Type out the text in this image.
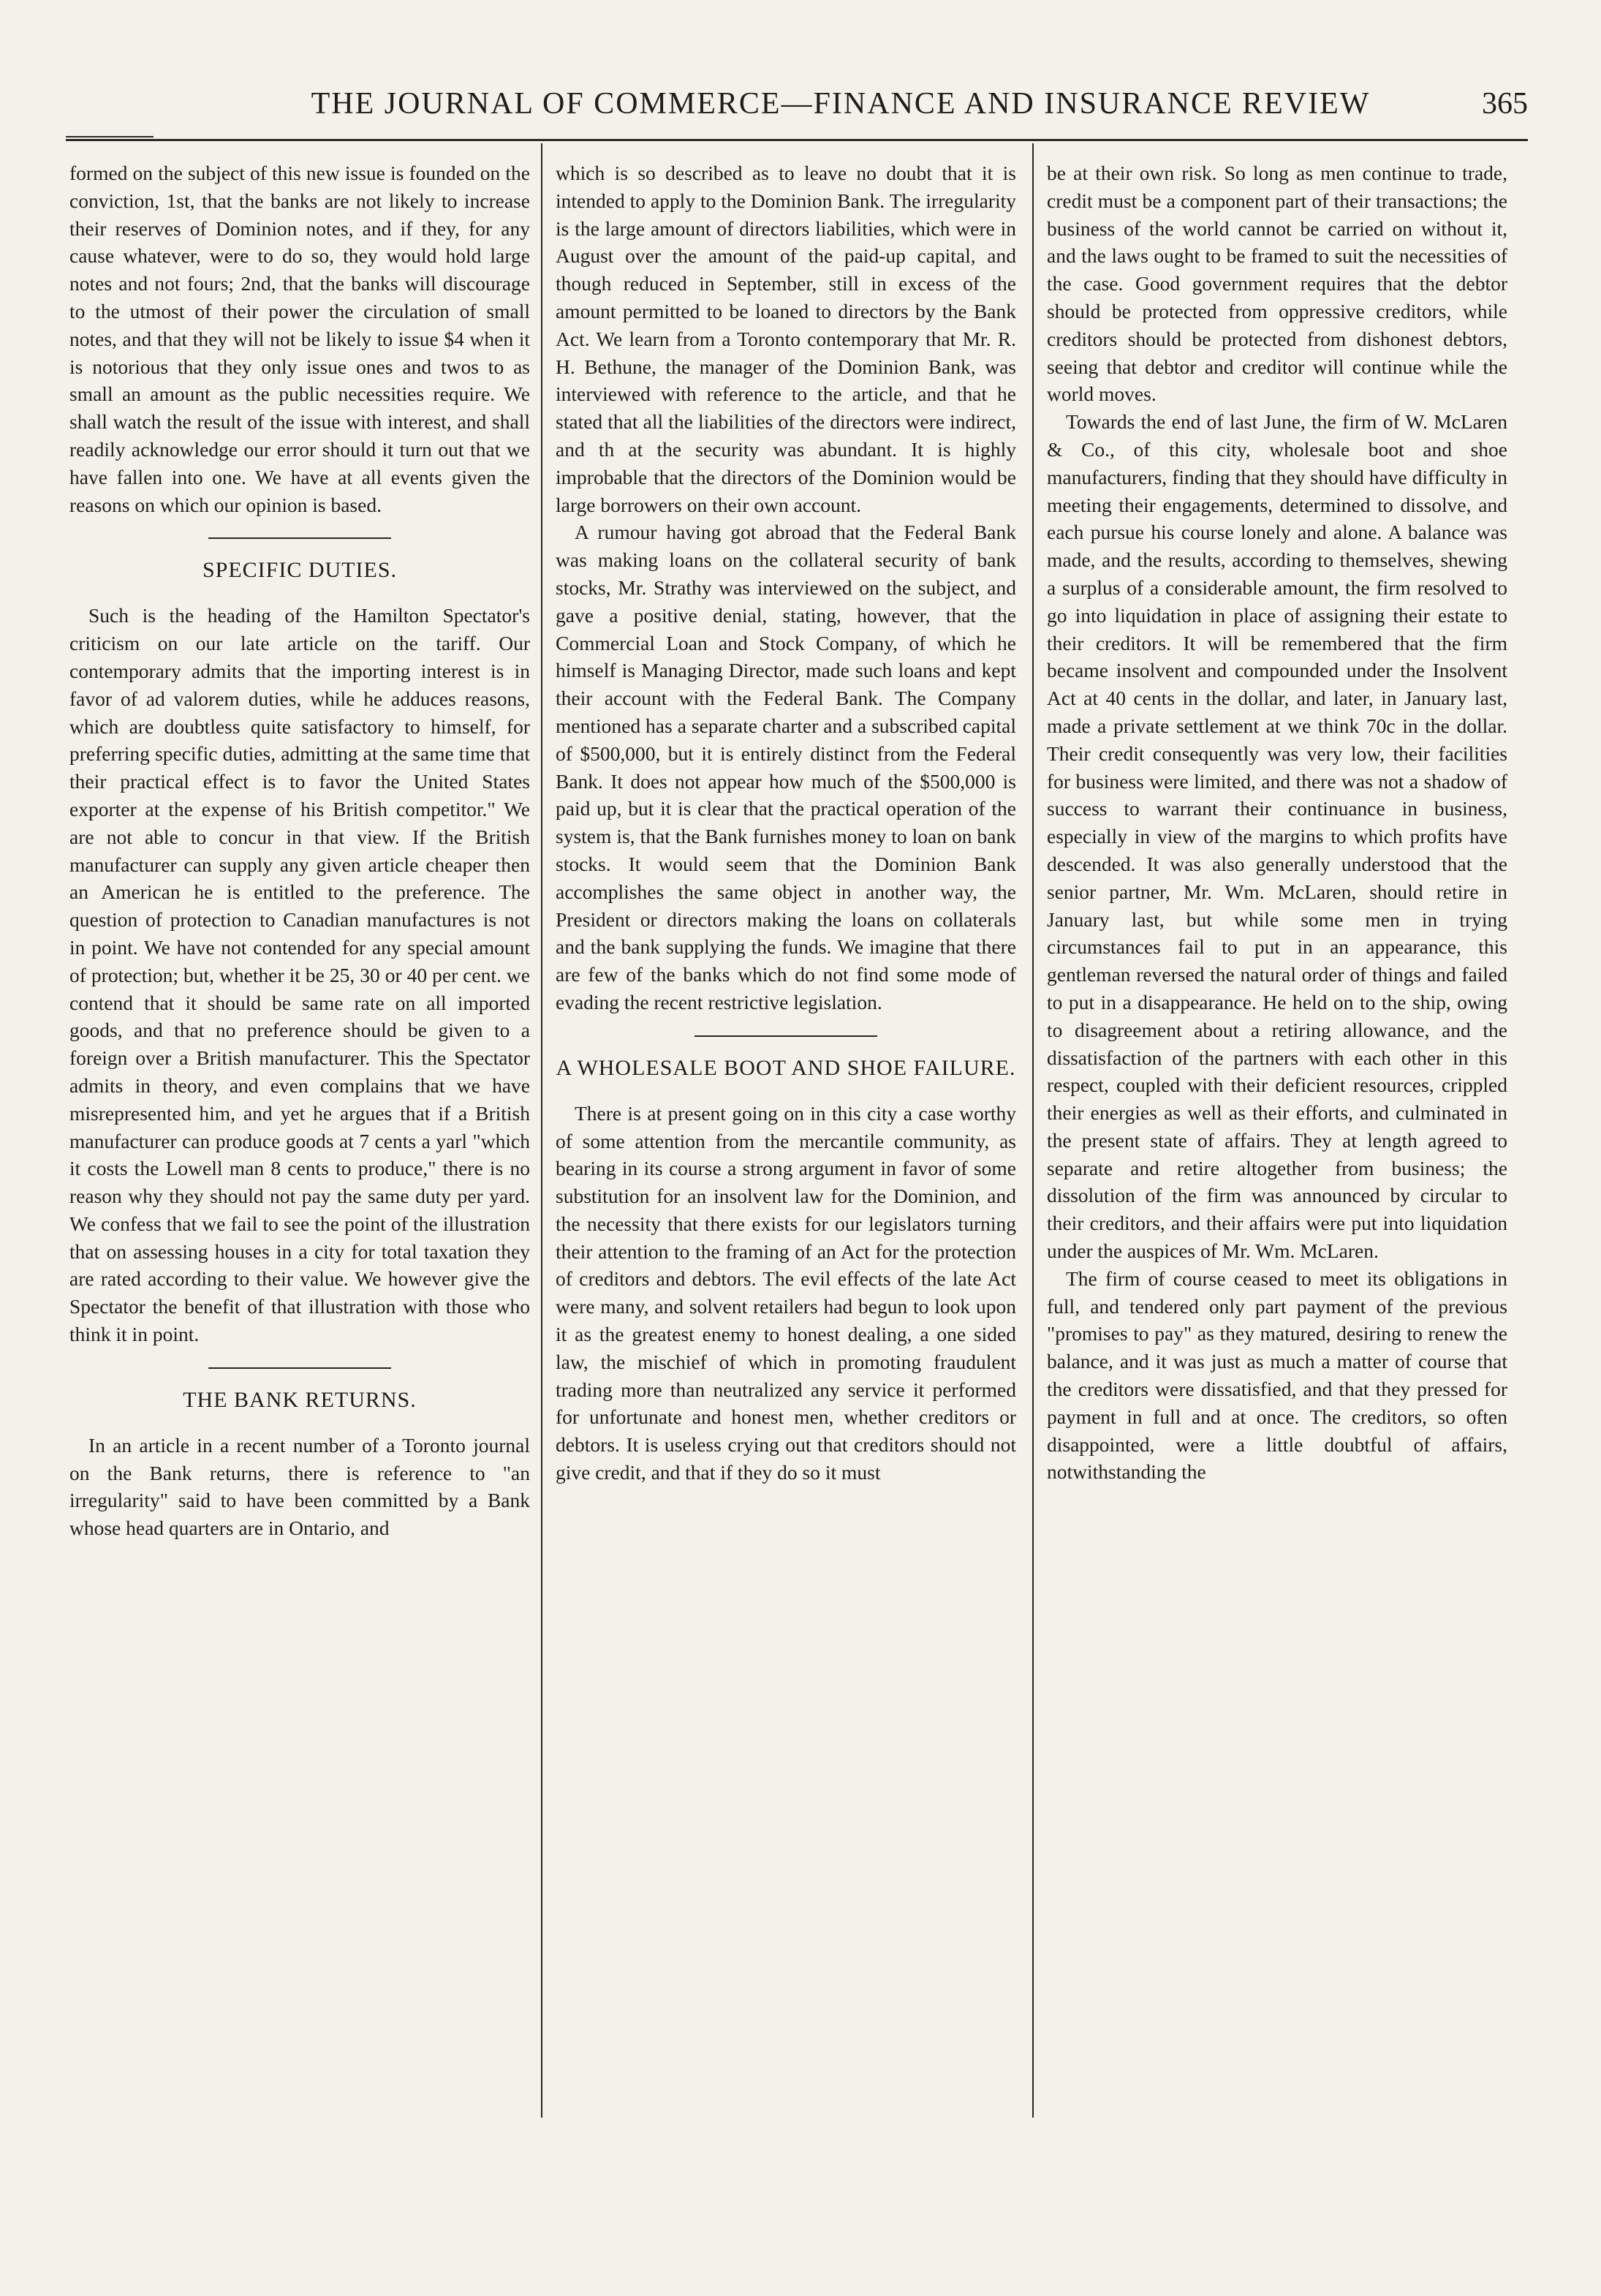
THE JOURNAL OF COMMERCE—FINANCE AND INSURANCE REVIEW	365

formed on the subject of this new issue is founded on the conviction, 1st, that the banks are not likely to increase their reserves of Dominion notes, and if they, for any cause whatever, were to do so, they would hold large notes and not fours; 2nd, that the banks will discourage to the utmost of their power the circulation of small notes, and that they will not be likely to issue $4 when it is notorious that they only issue ones and twos to as small an amount as the public necessities require. We shall watch the result of the issue with interest, and shall readily acknowledge our error should it turn out that we have fallen into one. We have at all events given the reasons on which our opinion is based.

SPECIFIC DUTIES.

Such is the heading of the Hamilton Spectator's criticism on our late article on the tariff. Our contemporary admits that the importing interest is in favor of ad valorem duties, while he adduces reasons, which are doubtless quite satisfactory to himself, for preferring specific duties, admitting at the same time that their practical effect is to favor the United States exporter at the expense of his British competitor." We are not able to concur in that view. If the British manufacturer can supply any given article cheaper then an American he is entitled to the preference. The question of protection to Canadian manufactures is not in point. We have not contended for any special amount of protection; but, whether it be 25, 30 or 40 per cent. we contend that it should be same rate on all imported goods, and that no preference should be given to a foreign over a British manufacturer. This the Spectator admits in theory, and even complains that we have misrepresented him, and yet he argues that if a British manufacturer can produce goods at 7 cents a yarl "which it costs the Lowell man 8 cents to produce," there is no reason why they should not pay the same duty per yard. We confess that we fail to see the point of the illustration that on assessing houses in a city for total taxation they are rated according to their value. We however give the Spectator the benefit of that illustration with those who think it in point.

THE BANK RETURNS.

In an article in a recent number of a Toronto journal on the Bank returns, there is reference to "an irregularity" said to have been committed by a Bank whose head quarters are in Ontario, and

which is so described as to leave no doubt that it is intended to apply to the Dominion Bank. The irregularity is the large amount of directors liabilities, which were in August over the amount of the paid-up capital, and though reduced in September, still in excess of the amount permitted to be loaned to directors by the Bank Act. We learn from a Toronto contemporary that Mr. R. H. Bethune, the manager of the Dominion Bank, was interviewed with reference to the article, and that he stated that all the liabilities of the directors were indirect, and th at the security was abundant. It is highly improbable that the directors of the Dominion would be large borrowers on their own account.

A rumour having got abroad that the Federal Bank was making loans on the collateral security of bank stocks, Mr. Strathy was interviewed on the subject, and gave a positive denial, stating, however, that the Commercial Loan and Stock Company, of which he himself is Managing Director, made such loans and kept their account with the Federal Bank. The Company mentioned has a separate charter and a subscribed capital of $500,000, but it is entirely distinct from the Federal Bank. It does not appear how much of the $500,000 is paid up, but it is clear that the practical operation of the system is, that the Bank furnishes money to loan on bank stocks. It would seem that the Dominion Bank accomplishes the same object in another way, the President or directors making the loans on collaterals and the bank supplying the funds. We imagine that there are few of the banks which do not find some mode of evading the recent restrictive legislation.

A WHOLESALE BOOT AND SHOE FAILURE.

There is at present going on in this city a case worthy of some attention from the mercantile community, as bearing in its course a strong argument in favor of some substitution for an insolvent law for the Dominion, and the necessity that there exists for our legislators turning their attention to the framing of an Act for the protection of creditors and debtors. The evil effects of the late Act were many, and solvent retailers had begun to look upon it as the greatest enemy to honest dealing, a one sided law, the mischief of which in promoting fraudulent trading more than neutralized any service it performed for unfortunate and honest men, whether creditors or debtors. It is useless crying out that creditors should not give credit, and that if they do so it must

be at their own risk. So long as men continue to trade, credit must be a component part of their transactions; the business of the world cannot be carried on without it, and the laws ought to be framed to suit the necessities of the case. Good government requires that the debtor should be protected from oppressive creditors, while creditors should be protected from dishonest debtors, seeing that debtor and creditor will continue while the world moves.

Towards the end of last June, the firm of W. McLaren & Co., of this city, wholesale boot and shoe manufacturers, finding that they should have difficulty in meeting their engagements, determined to dissolve, and each pursue his course lonely and alone. A balance was made, and the results, according to themselves, shewing a surplus of a considerable amount, the firm resolved to go into liquidation in place of assigning their estate to their creditors. It will be remembered that the firm became insolvent and compounded under the Insolvent Act at 40 cents in the dollar, and later, in January last, made a private settlement at we think 70c in the dollar. Their credit consequently was very low, their facilities for business were limited, and there was not a shadow of success to warrant their continuance in business, especially in view of the margins to which profits have descended. It was also generally understood that the senior partner, Mr. Wm. McLaren, should retire in January last, but while some men in trying circumstances fail to put in an appearance, this gentleman reversed the natural order of things and failed to put in a disappearance. He held on to the ship, owing to disagreement about a retiring allowance, and the dissatisfaction of the partners with each other in this respect, coupled with their deficient resources, crippled their energies as well as their efforts, and culminated in the present state of affairs. They at length agreed to separate and retire altogether from business; the dissolution of the firm was announced by circular to their creditors, and their affairs were put into liquidation under the auspices of Mr. Wm. McLaren.

The firm of course ceased to meet its obligations in full, and tendered only part payment of the previous "promises to pay" as they matured, desiring to renew the balance, and it was just as much a matter of course that the creditors were dissatisfied, and that they pressed for payment in full and at once. The creditors, so often disappointed, were a little doubtful of affairs, notwithstanding the
